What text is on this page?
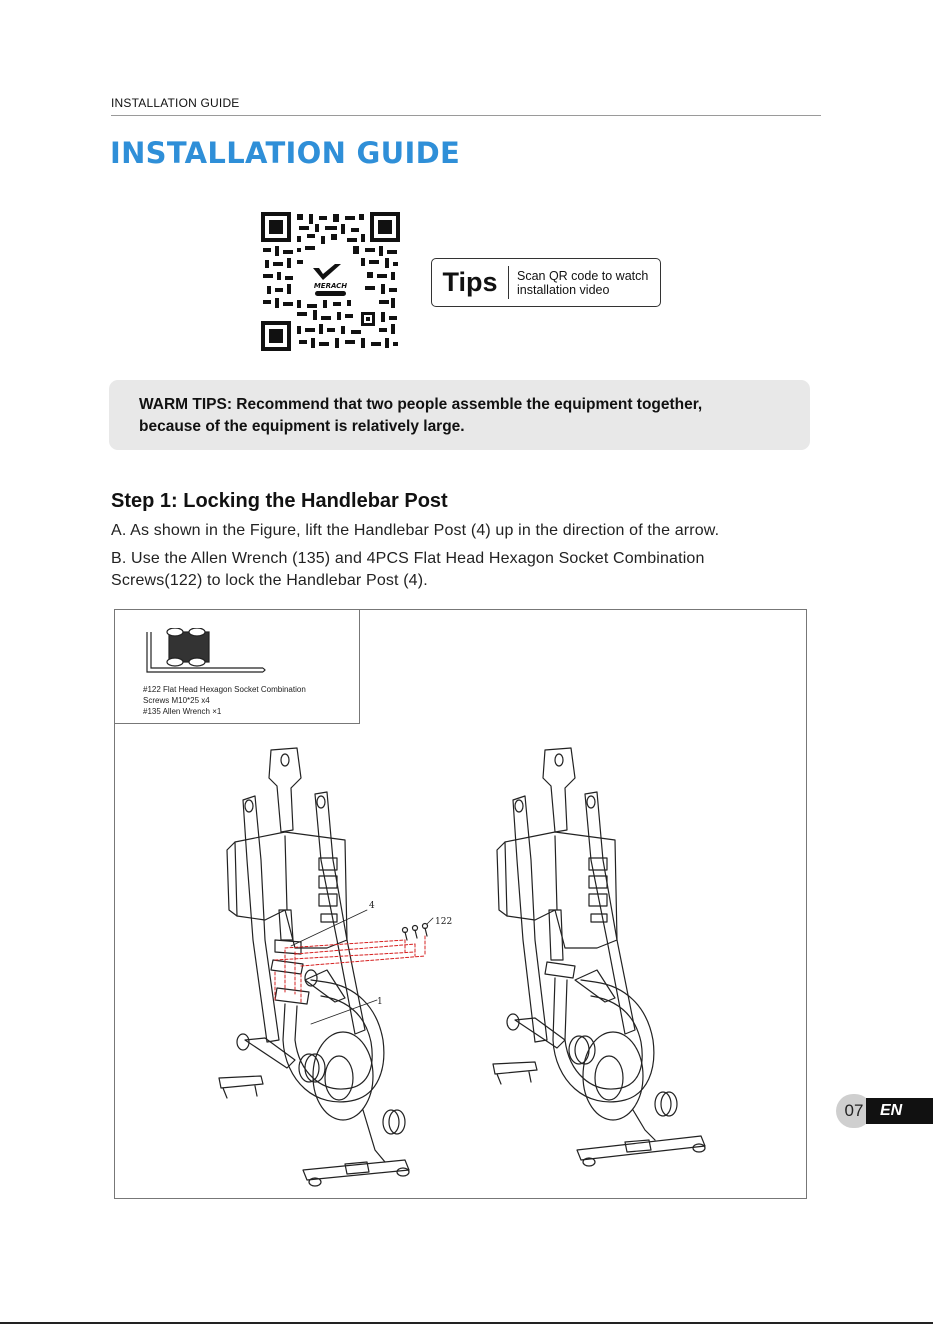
INSTALLATION GUIDE
INSTALLATION GUIDE
MERACH	Tips	Scan QR code to watch
installation video

WARM TIPS: Recommend that two people assemble the equipment together,

because of the equipment is relatively large.

Step 1: Locking the Handlebar Post

A. As shown in the Figure, lift the Handlebar Post (4) up in the direction of the arrow.

B. Use the Allen Wrench (135) and 4PCS Flat Head Hexagon Socket Combination
Screws(122) to lock the Handlebar Post (4).
4
122
1
#122 Flat Head Hexagon Socket Combination
Screws M10*25 x4
#135 Allen Wrench ×1
07	EN
